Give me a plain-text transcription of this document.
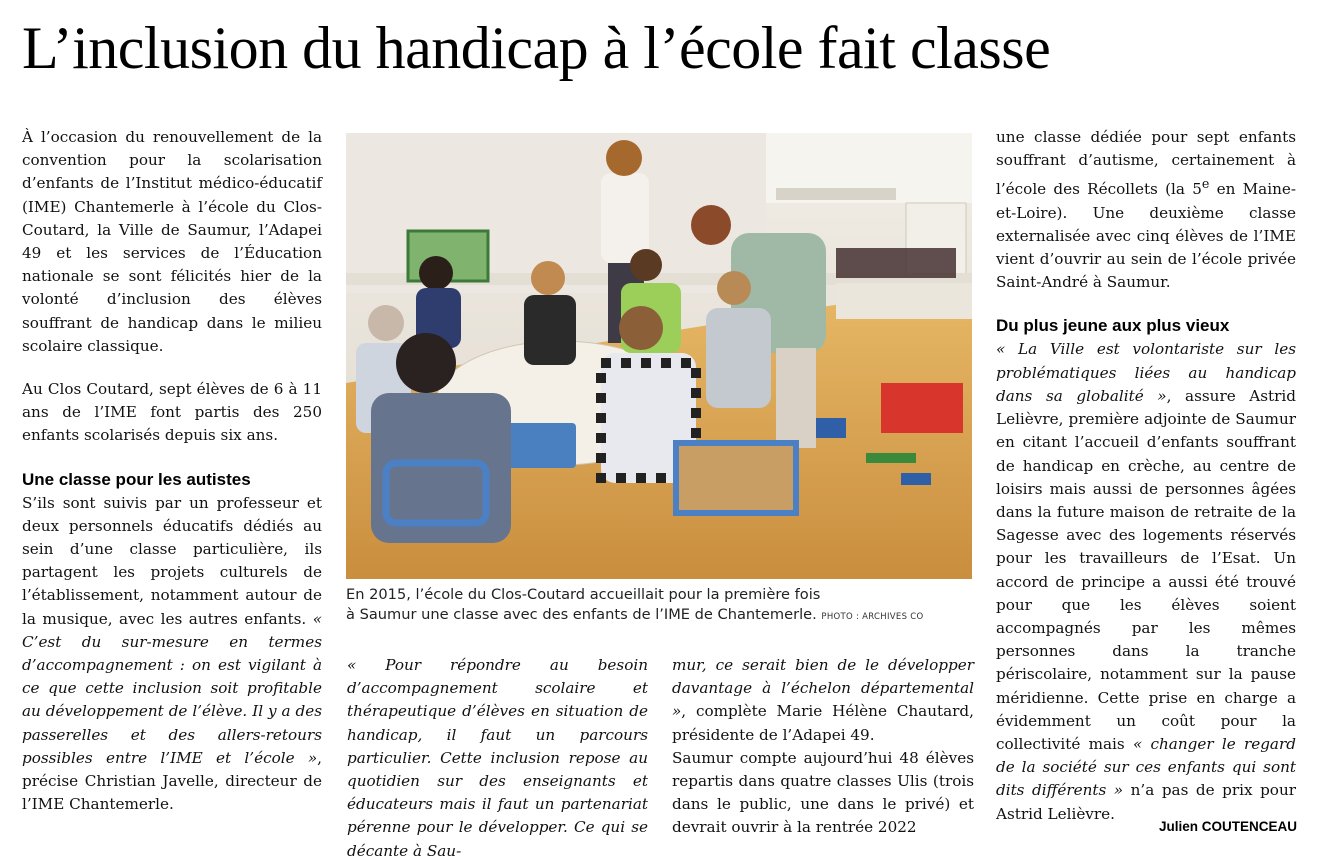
L’inclusion du handicap à l’école fait classe

À l’occasion du renouvellement de la convention pour la scolarisation d’enfants de l’Institut médico-éducatif (IME) Chantemerle à l’école du Clos-Coutard, la Ville de Saumur, l’Adapei 49 et les services de l’Éducation nationale se sont félicités hier de la volonté d’inclusion des élèves souffrant de handicap dans le milieu scolaire classique.

Au Clos Coutard, sept élèves de 6 à 11 ans de l’IME font partis des 250 enfants scolarisés depuis six ans.

Une classe pour les autistes

S’ils sont suivis par un professeur et deux personnels éducatifs dédiés au sein d’une classe particulière, ils partagent les projets culturels de l’établissement, notamment autour de la musique, avec les autres enfants. « C’est du sur-mesure en termes d’accompagnement : on est vigilant à ce que cette inclusion soit profitable au développement de l’élève. Il y a des passerelles et des allers-retours possibles entre l’IME et l’école », précise Christian Javelle, directeur de l’IME Chantemerle.

En 2015, l’école du Clos-Coutard accueillait pour la première fois

à Saumur une classe avec des enfants de l’IME de Chantemerle. PHOTO : ARCHIVES CO

« Pour répondre au besoin d’accompagnement scolaire et thérapeutique d’élèves en situation de handicap, il faut un parcours particulier. Cette inclusion repose au quotidien sur des enseignants et éducateurs mais il faut un partenariat pérenne pour le développer. Ce qui se décante à Sau-

mur, ce serait bien de le développer davantage à l’échelon départemental », complète Marie Hélène Chautard, présidente de l’Adapei 49.

Saumur compte aujourd’hui 48 élèves repartis dans quatre classes Ulis (trois dans le public, une dans le privé) et devrait ouvrir à la rentrée 2022

une classe dédiée pour sept enfants souffrant d’autisme, certainement à l’école des Récollets (la 5e en Maine-et-Loire). Une deuxième classe externalisée avec cinq élèves de l’IME vient d’ouvrir au sein de l’école privée Saint-André à Saumur.

Du plus jeune aux plus vieux

« La Ville est volontariste sur les problématiques liées au handicap dans sa globalité », assure Astrid Lelièvre, première adjointe de Saumur en citant l’accueil d’enfants souffrant de handicap en crèche, au centre de loisirs mais aussi de personnes âgées dans la future maison de retraite de la Sagesse avec des logements réservés pour les travailleurs de l’Esat. Un accord de principe a aussi été trouvé pour que les élèves soient accompagnés par les mêmes personnes dans la tranche périscolaire, notamment sur la pause méridienne. Cette prise en charge a évidemment un coût pour la collectivité mais « changer le regard de la société sur ces enfants qui sont dits différents » n’a pas de prix pour Astrid Lelièvre.

Julien COUTENCEAU
